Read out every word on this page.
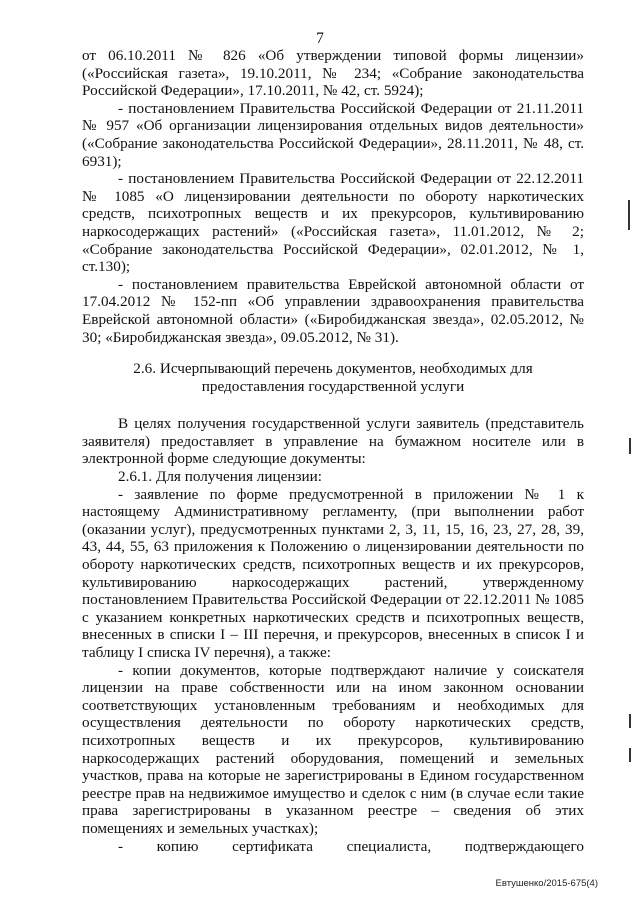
7

от 06.10.2011 № 826 «Об утверждении типовой формы лицензии» («Российская газета», 19.10.2011, № 234; «Собрание законодательства Российской Федерации», 17.10.2011, № 42, ст. 5924);

- постановлением Правительства Российской Федерации от 21.11.2011 № 957 «Об организации лицензирования отдельных видов деятельности» («Собрание законодательства Российской Федерации», 28.11.2011, № 48, ст. 6931);

- постановлением Правительства Российской Федерации от 22.12.2011 № 1085 «О лицензировании деятельности по обороту наркотических средств, психотропных веществ и их прекурсоров, культивированию наркосодержащих растений» («Российская газета», 11.01.2012, № 2; «Собрание законодательства Российской Федерации», 02.01.2012, № 1, ст.130);

- постановлением правительства Еврейской автономной области от 17.04.2012 № 152-пп «Об управлении здравоохранения правительства Еврейской автономной области» («Биробиджанская звезда», 02.05.2012, № 30; «Биробиджанская звезда», 09.05.2012, № 31).

2.6. Исчерпывающий перечень документов, необходимых для
предоставления государственной услуги

В целях получения государственной услуги заявитель (представитель заявителя) предоставляет в управление на бумажном носителе или в электронной форме следующие документы:

2.6.1. Для получения лицензии:

- заявление по форме предусмотренной в приложении № 1 к настоящему Административному регламенту, (при выполнении работ (оказании услуг), предусмотренных пунктами 2, 3, 11, 15, 16, 23, 27, 28, 39, 43, 44, 55, 63 приложения к Положению о лицензировании деятельности по обороту наркотических средств, психотропных веществ и их прекурсоров, культивированию наркосодержащих растений, утвержденному постановлением Правительства Российской Федерации от 22.12.2011 № 1085 с указанием конкретных наркотических средств и психотропных веществ, внесенных в списки I – III перечня, и прекурсоров, внесенных в список I и таблицу I списка IV перечня), а также:

- копии документов, которые подтверждают наличие у соискателя лицензии на праве собственности или на ином законном основании соответствующих установленным требованиям и необходимых для осуществления деятельности по обороту наркотических средств, психотропных веществ и их прекурсоров, культивированию наркосодержащих растений оборудования, помещений и земельных участков, права на которые не зарегистрированы в Едином государственном реестре прав на недвижимое имущество и сделок с ним (в случае если такие права зарегистрированы в указанном реестре – сведения об этих помещениях и земельных участках);

- копию сертификата специалиста, подтверждающего

Евтушенко/2015-675(4)
